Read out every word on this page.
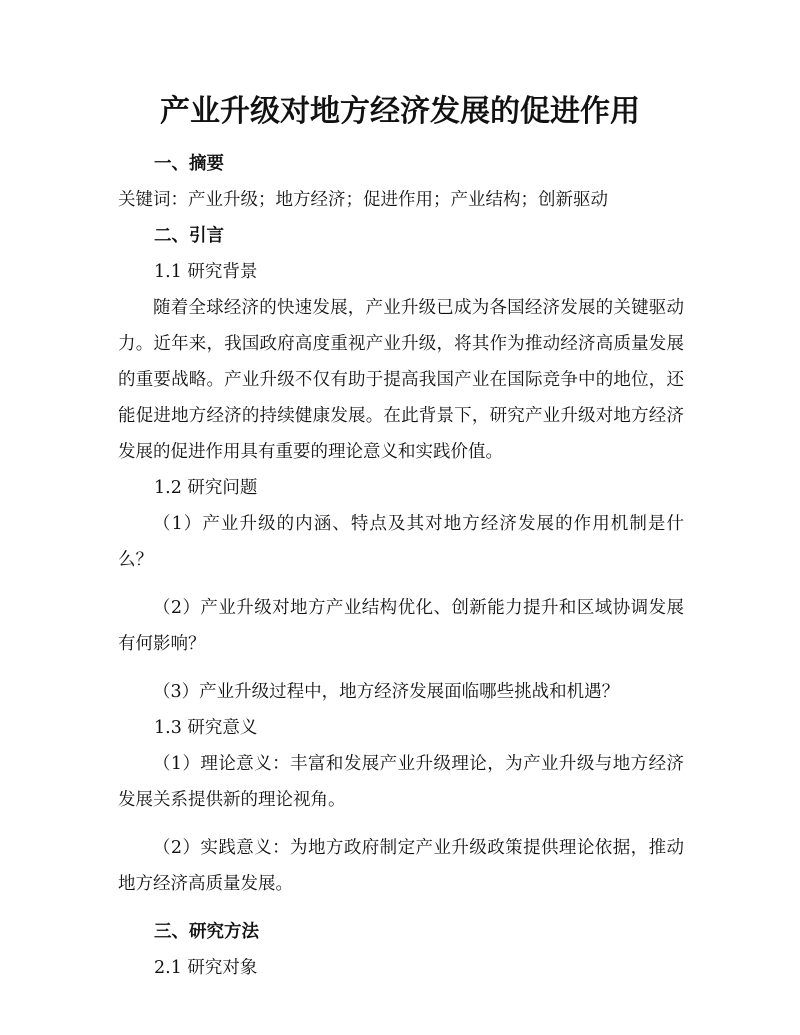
产业升级对地方经济发展的促进作用

一、摘要

关键词：产业升级；地方经济；促进作用；产业结构；创新驱动

二、引言

1.1 研究背景

随着全球经济的快速发展，产业升级已成为各国经济发展的关键驱动力。近年来，我国政府高度重视产业升级，将其作为推动经济高质量发展的重要战略。产业升级不仅有助于提高我国产业在国际竞争中的地位，还能促进地方经济的持续健康发展。在此背景下，研究产业升级对地方经济发展的促进作用具有重要的理论意义和实践价值。

1.2 研究问题

（1）产业升级的内涵、特点及其对地方经济发展的作用机制是什么？

（2）产业升级对地方产业结构优化、创新能力提升和区域协调发展有何影响？

（3）产业升级过程中，地方经济发展面临哪些挑战和机遇？

1.3 研究意义

（1）理论意义：丰富和发展产业升级理论，为产业升级与地方经济发展关系提供新的理论视角。

（2）实践意义：为地方政府制定产业升级政策提供理论依据，推动地方经济高质量发展。

三、研究方法

2.1 研究对象
